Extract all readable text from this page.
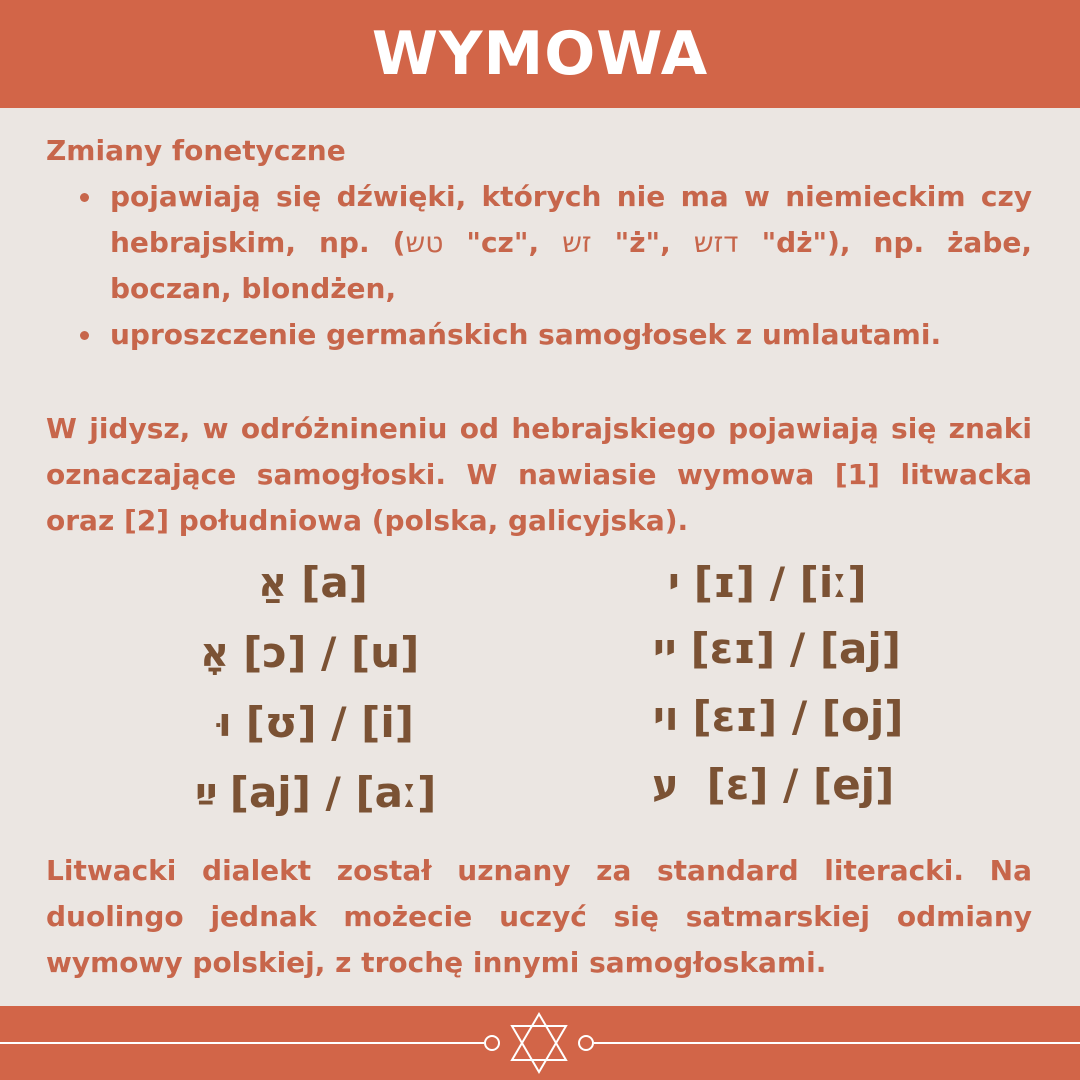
WYMOWA

Zmiany fonetyczne

pojawiają się dźwięki, których nie ma w niemieckim czy hebrajskim, np. (טש "cz", זש "ż", דזש "dż"), np. żabe, boczan, blondżen,
uproszczenie germańskich samogłosek z umlautami.

W jidysz, w odróżnineniu od hebrajskiego pojawiają się znaki oznaczające samogłoski. W nawiasie wymowa [1] litwacka oraz [2] południowa (polska, galicyjska).

אַ [a]
אָ [ɔ] / [u]
וּ [ʊ] / [i]
ײַ [aj] / [aː]
י [ɪ] / [iː]
יי [ɛɪ] / [aj]
וי [ɛɪ] / [oj]
ע [ɛ] / [ej]

Litwacki dialekt został uznany za standard literacki. Na duolingo jednak możecie uczyć się satmarskiej odmiany wymowy polskiej, z trochę innymi samogłoskami.
